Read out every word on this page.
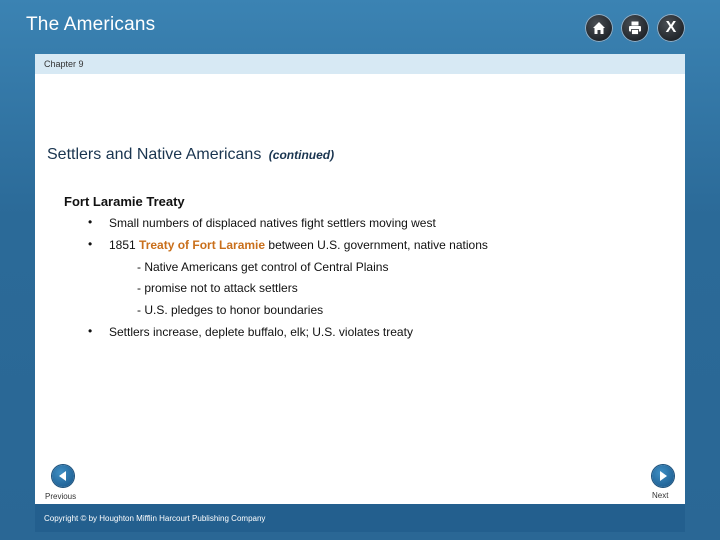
The Americans	X
Chapter 9
Settlers and Native Americans (continued)
Fort Laramie Treaty
• Small numbers of displaced natives fight settlers moving west
• 1851 Treaty of Fort Laramie between U.S. government, native nations
- Native Americans get control of Central Plains
- promise not to attack settlers
- U.S. pledges to honor boundaries
• Settlers increase, deplete buffalo, elk; U.S. violates treaty
Previous	Next
Copyright © by Houghton Mifflin Harcourt Publishing Company
